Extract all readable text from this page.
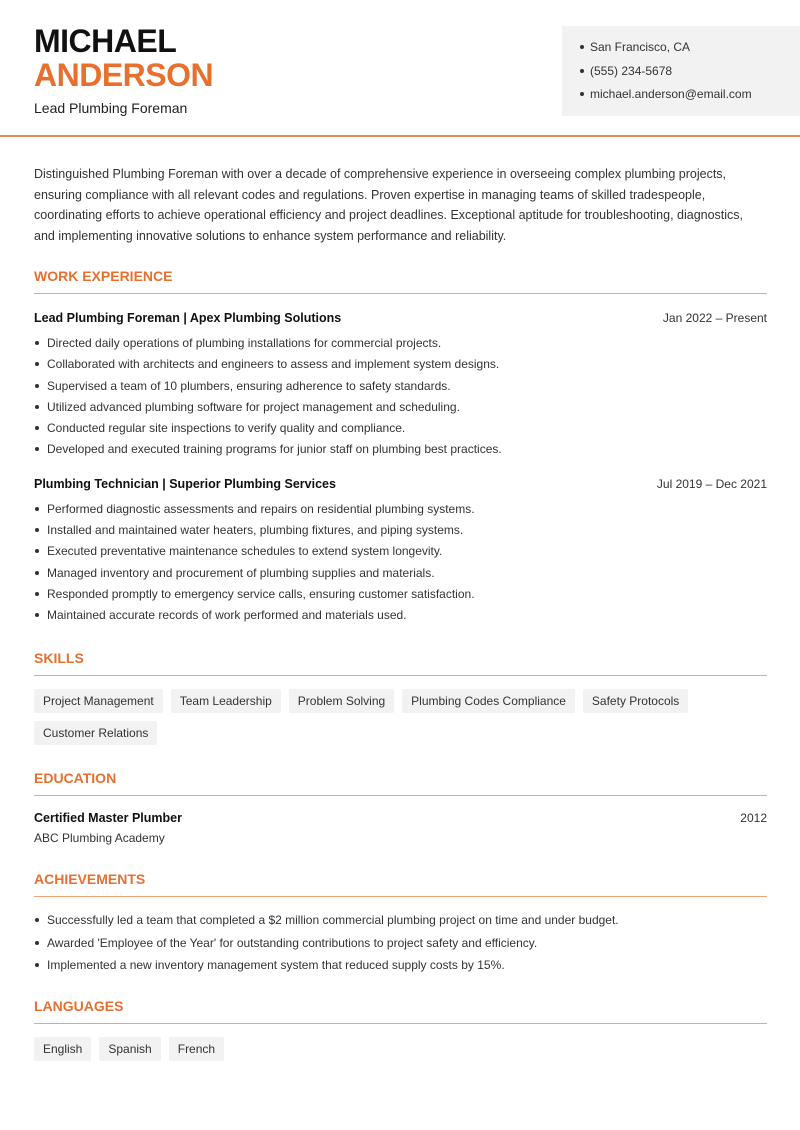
MICHAEL
ANDERSON
Lead Plumbing Foreman
San Francisco, CA
(555) 234-5678
michael.anderson@email.com

Distinguished Plumbing Foreman with over a decade of comprehensive experience in overseeing complex plumbing projects, ensuring compliance with all relevant codes and regulations. Proven expertise in managing teams of skilled tradespeople, coordinating efforts to achieve operational efficiency and project deadlines. Exceptional aptitude for troubleshooting, diagnostics, and implementing innovative solutions to enhance system performance and reliability.

WORK EXPERIENCE
Lead Plumbing Foreman | Apex Plumbing Solutions	Jan 2022 – Present
Directed daily operations of plumbing installations for commercial projects.
Collaborated with architects and engineers to assess and implement system designs.
Supervised a team of 10 plumbers, ensuring adherence to safety standards.
Utilized advanced plumbing software for project management and scheduling.
Conducted regular site inspections to verify quality and compliance.
Developed and executed training programs for junior staff on plumbing best practices.
Plumbing Technician | Superior Plumbing Services	Jul 2019 – Dec 2021
Performed diagnostic assessments and repairs on residential plumbing systems.
Installed and maintained water heaters, plumbing fixtures, and piping systems.
Executed preventative maintenance schedules to extend system longevity.
Managed inventory and procurement of plumbing supplies and materials.
Responded promptly to emergency service calls, ensuring customer satisfaction.
Maintained accurate records of work performed and materials used.
SKILLS
Project Management	Team Leadership	Problem Solving	Plumbing Codes Compliance	Safety Protocols
Customer Relations
EDUCATION
Certified Master Plumber	2012
ABC Plumbing Academy
ACHIEVEMENTS
Successfully led a team that completed a $2 million commercial plumbing project on time and under budget.
Awarded 'Employee of the Year' for outstanding contributions to project safety and efficiency.
Implemented a new inventory management system that reduced supply costs by 15%.
LANGUAGES
English	Spanish	French
